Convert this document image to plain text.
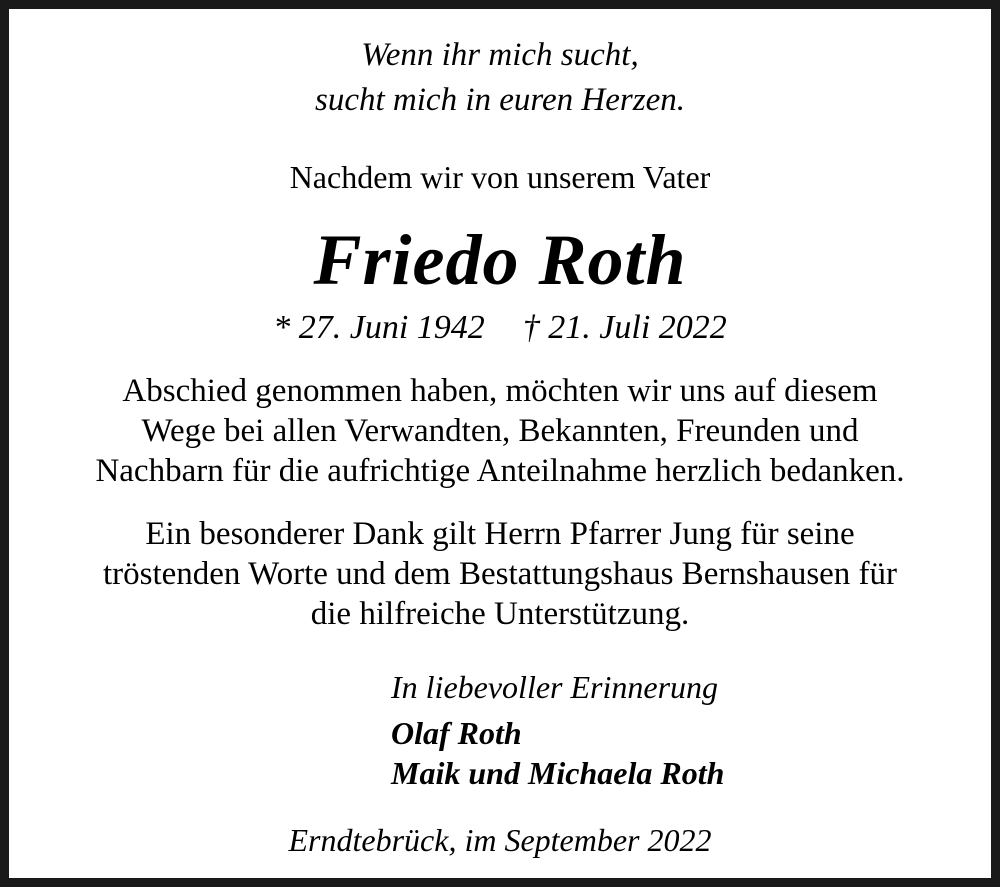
Wenn ihr mich sucht,
sucht mich in euren Herzen.
Nachdem wir von unserem Vater
Friedo Roth
* 27. Juni 1942 † 21. Juli 2022
Abschied genommen haben, möchten wir uns auf diesem
Wege bei allen Verwandten, Bekannten, Freunden und
Nachbarn für die aufrichtige Anteilnahme herzlich bedanken.
Ein besonderer Dank gilt Herrn Pfarrer Jung für seine
tröstenden Worte und dem Bestattungshaus Bernshausen für
die hilfreiche Unterstützung.
In liebevoller Erinnerung
Olaf Roth
Maik und Michaela Roth
Erndtebrück, im September 2022
